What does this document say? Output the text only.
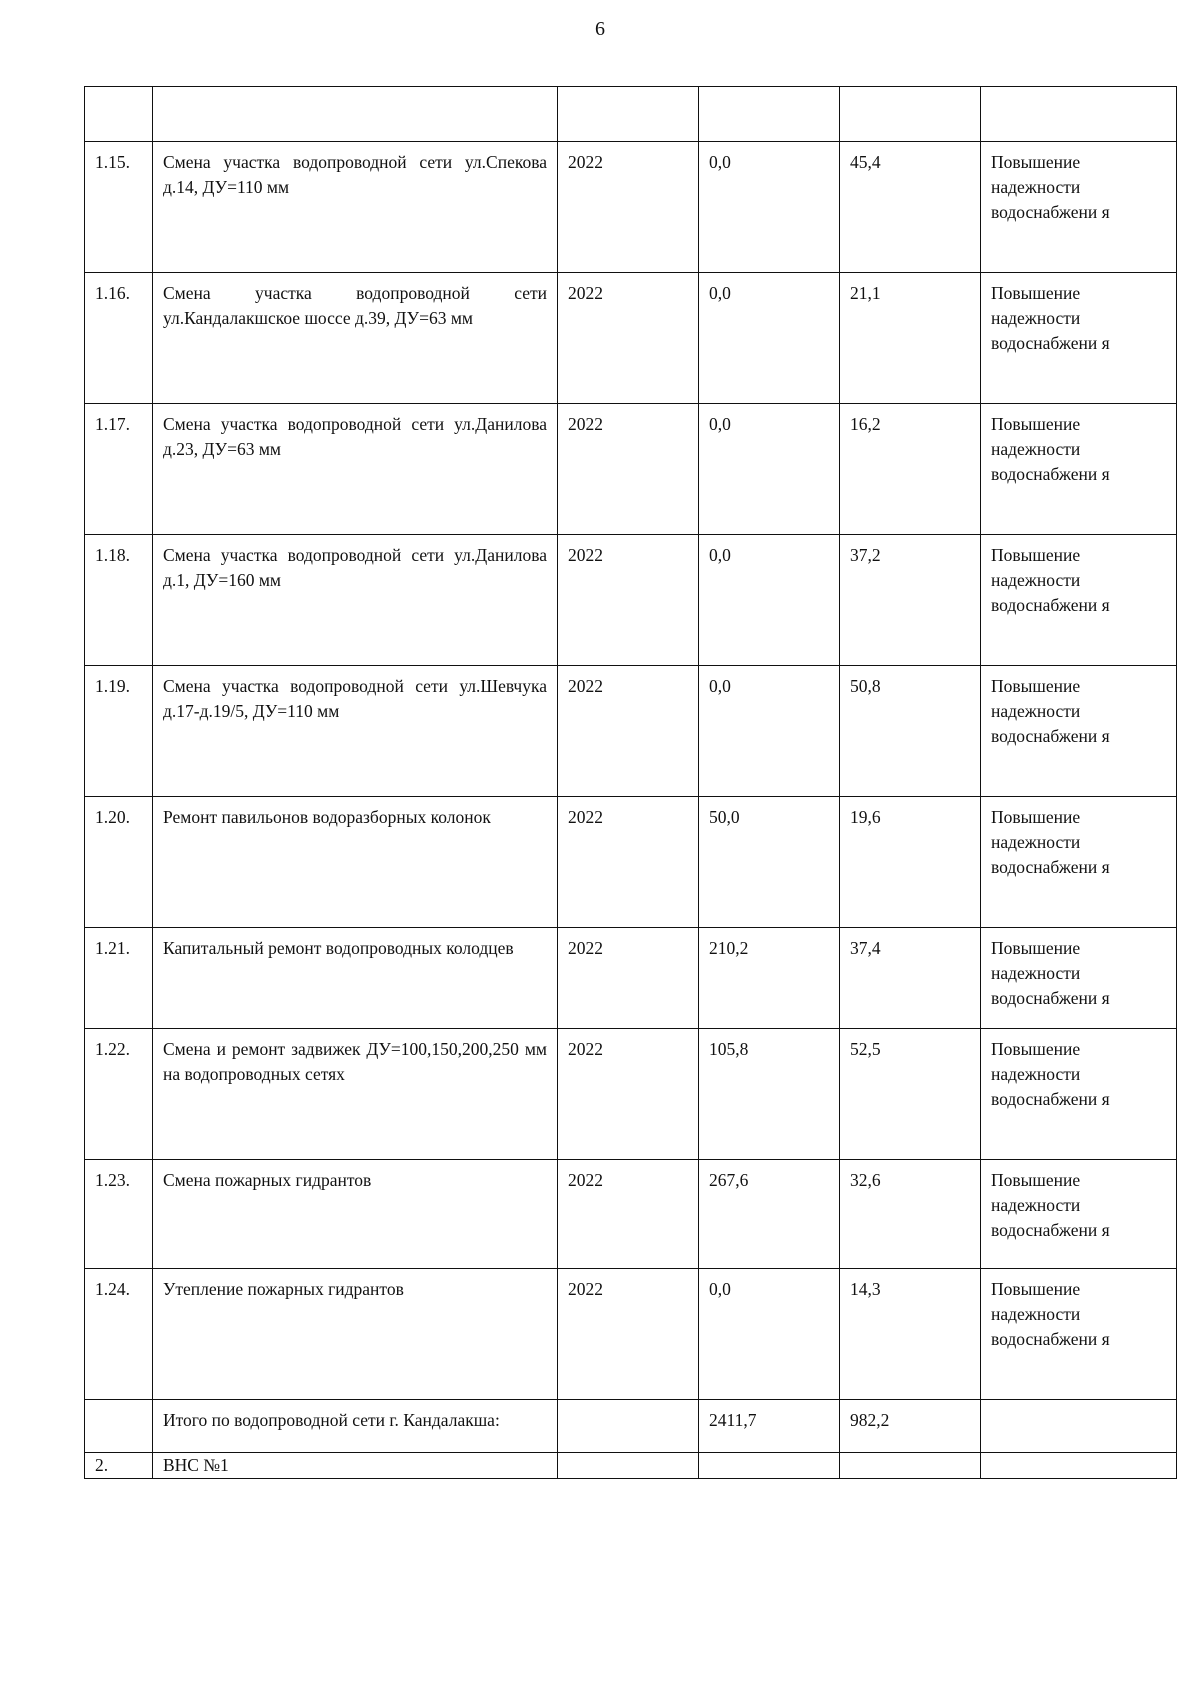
6

1.15.	Смена участка водопроводной сети ул.Спекова д.14, ДУ=110 мм	2022	0,0	45,4	Повышение надежности водоснабжени я
1.16.	Смена участка водопроводной сети ул.Кандалакшское шоссе д.39, ДУ=63 мм	2022	0,0	21,1	Повышение надежности водоснабжени я
1.17.	Смена участка водопроводной сети ул.Данилова д.23, ДУ=63 мм	2022	0,0	16,2	Повышение надежности водоснабжени я
1.18.	Смена участка водопроводной сети ул.Данилова д.1, ДУ=160 мм	2022	0,0	37,2	Повышение надежности водоснабжени я
1.19.	Смена участка водопроводной сети ул.Шевчука д.17-д.19/5, ДУ=110 мм	2022	0,0	50,8	Повышение надежности водоснабжени я
1.20.	Ремонт павильонов водоразборных колонок	2022	50,0	19,6	Повышение надежности водоснабжени я
1.21.	Капитальный ремонт водопроводных колодцев	2022	210,2	37,4	Повышение надежности водоснабжени я
1.22.	Смена и ремонт задвижек ДУ=100,150,200,250 мм на водопроводных сетях	2022	105,8	52,5	Повышение надежности водоснабжени я
1.23.	Смена пожарных гидрантов	2022	267,6	32,6	Повышение надежности водоснабжени я
1.24.	Утепление пожарных гидрантов	2022	0,0	14,3	Повышение надежности водоснабжени я
	Итого по водопроводной сети г. Кандалакша:		2411,7	982,2	
2.	ВНС №1				
